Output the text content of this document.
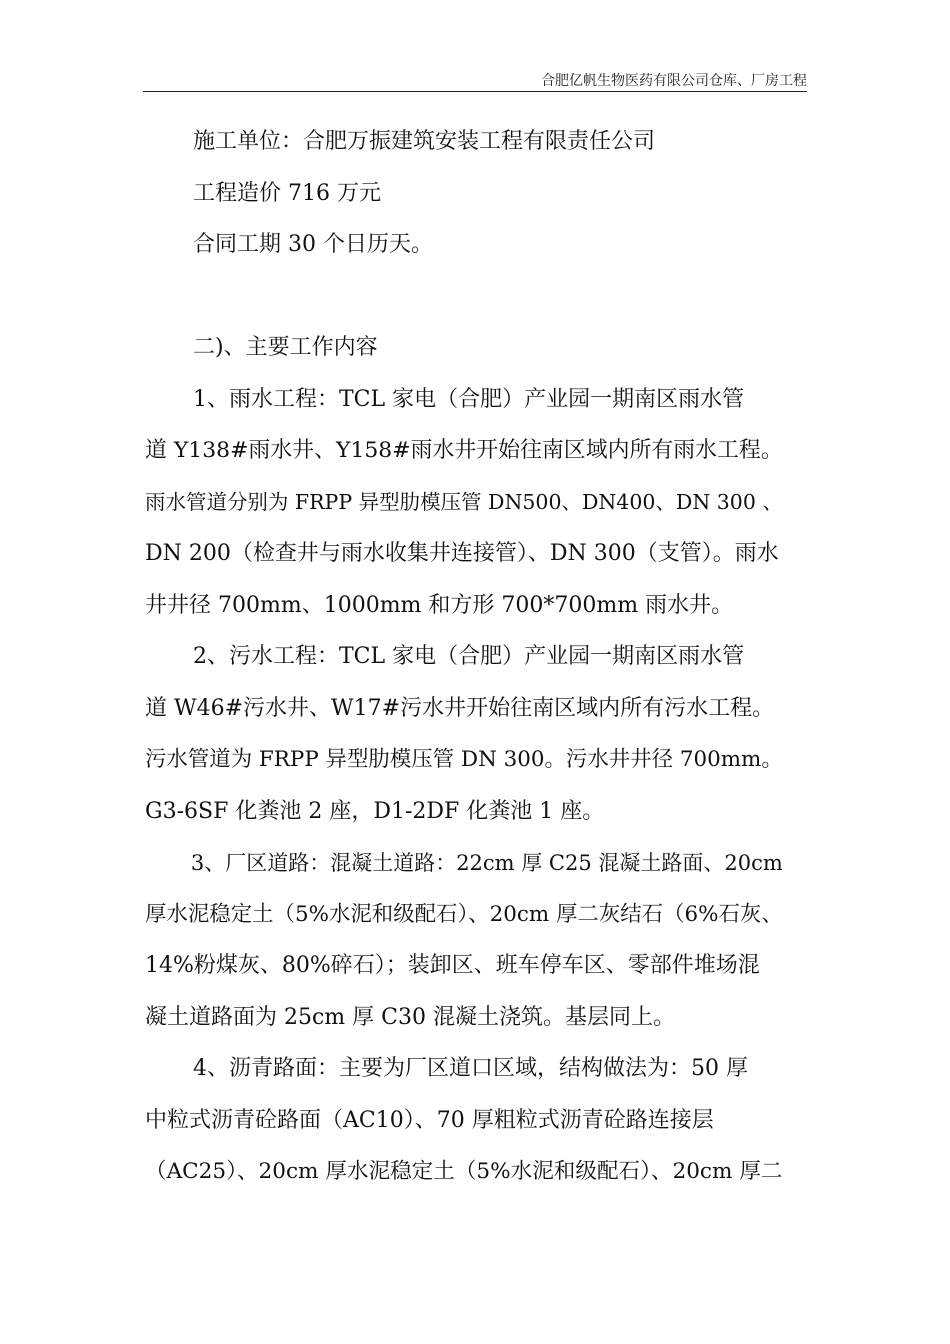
合肥亿帆生物医药有限公司仓库、厂房工程

施工单位：合肥万振建筑安装工程有限责任公司

工程造价 716 万元

合同工期 30 个日历天。

二)、主要工作内容

1、雨水工程：TCL 家电（合肥）产业园一期南区雨水管

道 Y138#雨水井、Y158#雨水井开始往南区域内所有雨水工程。

雨水管道分别为 FRPP 异型肋模压管 DN500、DN400、DN 300 、

DN 200（检查井与雨水收集井连接管）、DN 300（支管）。雨水

井井径 700mm、1000mm 和方形 700*700mm 雨水井。

2、污水工程：TCL 家电（合肥）产业园一期南区雨水管

道 W46#污水井、W17#污水井开始往南区域内所有污水工程。

污水管道为 FRPP 异型肋模压管 DN 300。污水井井径 700mm。

G3-6SF 化粪池 2 座，D1-2DF 化粪池 1 座。

3、厂区道路：混凝土道路：22cm 厚 C25 混凝土路面、20cm

厚水泥稳定土（5%水泥和级配石）、20cm 厚二灰结石（6%石灰、

14%粉煤灰、80%碎石）；装卸区、班车停车区、零部件堆场混

凝土道路面为 25cm 厚 C30 混凝土浇筑。基层同上。

4、沥青路面：主要为厂区道口区域，结构做法为：50 厚

中粒式沥青砼路面（AC10）、70 厚粗粒式沥青砼路连接层

（AC25）、20cm 厚水泥稳定土（5%水泥和级配石）、20cm 厚二
